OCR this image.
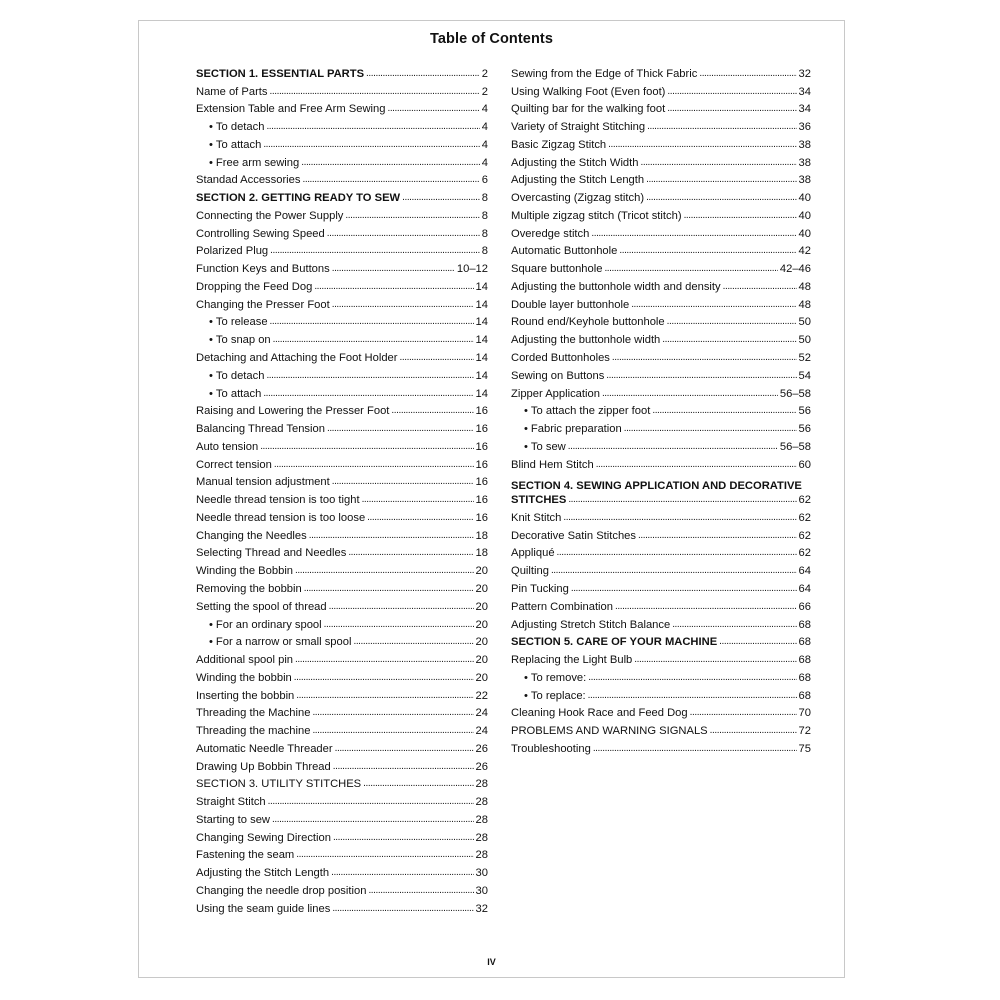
Table of Contents
SECTION 1. ESSENTIAL PARTS . . .	2
Name of Parts . . .	2
Extension Table and Free Arm Sewing . . .	4
• To detach . . .	4
• To attach . . .	4
• Free arm sewing . . .	4
Standad Accessories . . .	6
SECTION 2. GETTING READY TO SEW . . .	8
Connecting the Power Supply . . .	8
Controlling Sewing Speed . . .	8
Polarized Plug . . .	8
Function Keys and Buttons . . .	10–12
Dropping the Feed Dog . . .	14
Changing the Presser Foot . . .	14
• To release . . .	14
• To snap on . . .	14
Detaching and Attaching the Foot Holder . . .	14
• To detach . . .	14
• To attach . . .	14
Raising and Lowering the Presser Foot . . .	16
Balancing Thread Tension . . .	16
Auto tension . . .	16
Correct tension . . .	16
Manual tension adjustment . . .	16
Needle thread tension is too tight . . .	16
Needle thread tension is too loose . . .	16
Changing the Needles . . .	18
Selecting Thread and Needles . . .	18
Winding the Bobbin . . .	20
Removing the bobbin . . .	20
Setting the spool of thread . . .	20
• For an ordinary spool . . .	20
• For a narrow or small spool . . .	20
Additional spool pin . . .	20
Winding the bobbin . . .	20
Inserting the bobbin . . .	22
Threading the Machine . . .	24
Threading the machine . . .	24
Automatic Needle Threader . . .	26
Drawing Up Bobbin Thread . . .	26
SECTION 3. UTILITY STITCHES . . .	28
Straight Stitch . . .	28
Starting to sew . . .	28
Changing Sewing Direction . . .	28
Fastening the seam . . .	28
Adjusting the Stitch Length . . .	30
Changing the needle drop position . . .	30
Using the seam guide lines . . .	32
Sewing from the Edge of Thick Fabric . . .	32
Using Walking Foot (Even foot) . . .	34
Quilting bar for the walking foot . . .	34
Variety of Straight Stitching . . .	36
Basic Zigzag Stitch . . .	38
Adjusting the Stitch Width . . .	38
Adjusting the Stitch Length . . .	38
Overcasting (Zigzag stitch) . . .	40
Multiple zigzag stitch (Tricot stitch) . . .	40
Overedge stitch . . .	40
Automatic Buttonhole . . .	42
Square buttonhole . . .	42–46
Adjusting the buttonhole width and density . . .	48
Double layer buttonhole . . .	48
Round end/Keyhole buttonhole . . .	50
Adjusting the buttonhole width . . .	50
Corded Buttonholes . . .	52
Sewing on Buttons . . .	54
Zipper Application . . .	56–58
• To attach the zipper foot . . .	56
• Fabric preparation . . .	56
• To sew . . .	56–58
Blind Hem Stitch . . .	60
SECTION 4. SEWING APPLICATION AND DECORATIVE
STITCHES . . .	62
Knit Stitch . . .	62
Decorative Satin Stitches . . .	62
Appliqué . . .	62
Quilting . . .	64
Pin Tucking . . .	64
Pattern Combination . . .	66
Adjusting Stretch Stitch Balance . . .	68
SECTION 5. CARE OF YOUR MACHINE . . .	68
Replacing the Light Bulb . . .	68
• To remove: . . .	68
• To replace: . . .	68
Cleaning Hook Race and Feed Dog . . .	70
PROBLEMS AND WARNING SIGNALS . . .	72
Troubleshooting . . .	75
IV
